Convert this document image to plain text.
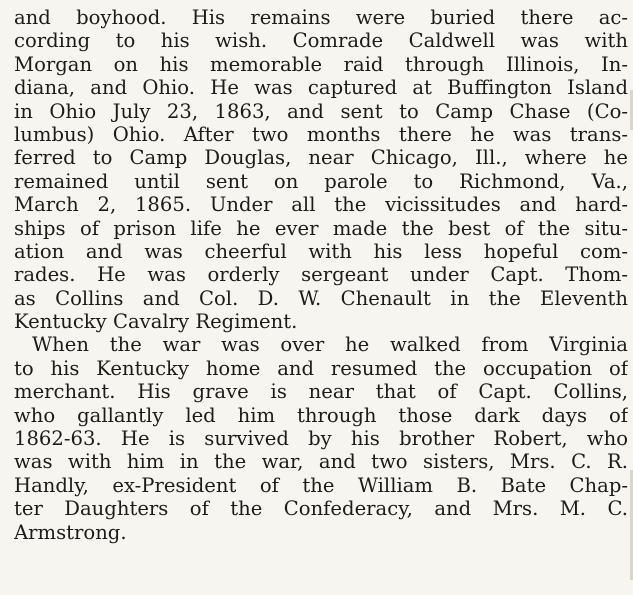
and boyhood. His remains were buried there ac-
cording to his wish. Comrade Caldwell was with
Morgan on his memorable raid through Illinois, In-
diana, and Ohio. He was captured at Buffington Island
in Ohio July 23, 1863, and sent to Camp Chase (Co-
lumbus) Ohio. After two months there he was trans-
ferred to Camp Douglas, near Chicago, Ill., where he
remained until sent on parole to Richmond, Va.,
March 2, 1865. Under all the vicissitudes and hard-
ships of prison life he ever made the best of the situ-
ation and was cheerful with his less hopeful com-
rades. He was orderly sergeant under Capt. Thom-
as Collins and Col. D. W. Chenault in the Eleventh
Kentucky Cavalry Regiment.
When the war was over he walked from Virginia
to his Kentucky home and resumed the occupation of
merchant. His grave is near that of Capt. Collins,
who gallantly led him through those dark days of
1862-63. He is survived by his brother Robert, who
was with him in the war, and two sisters, Mrs. C. R.
Handly, ex-President of the William B. Bate Chap-
ter Daughters of the Confederacy, and Mrs. M. C.
Armstrong.
